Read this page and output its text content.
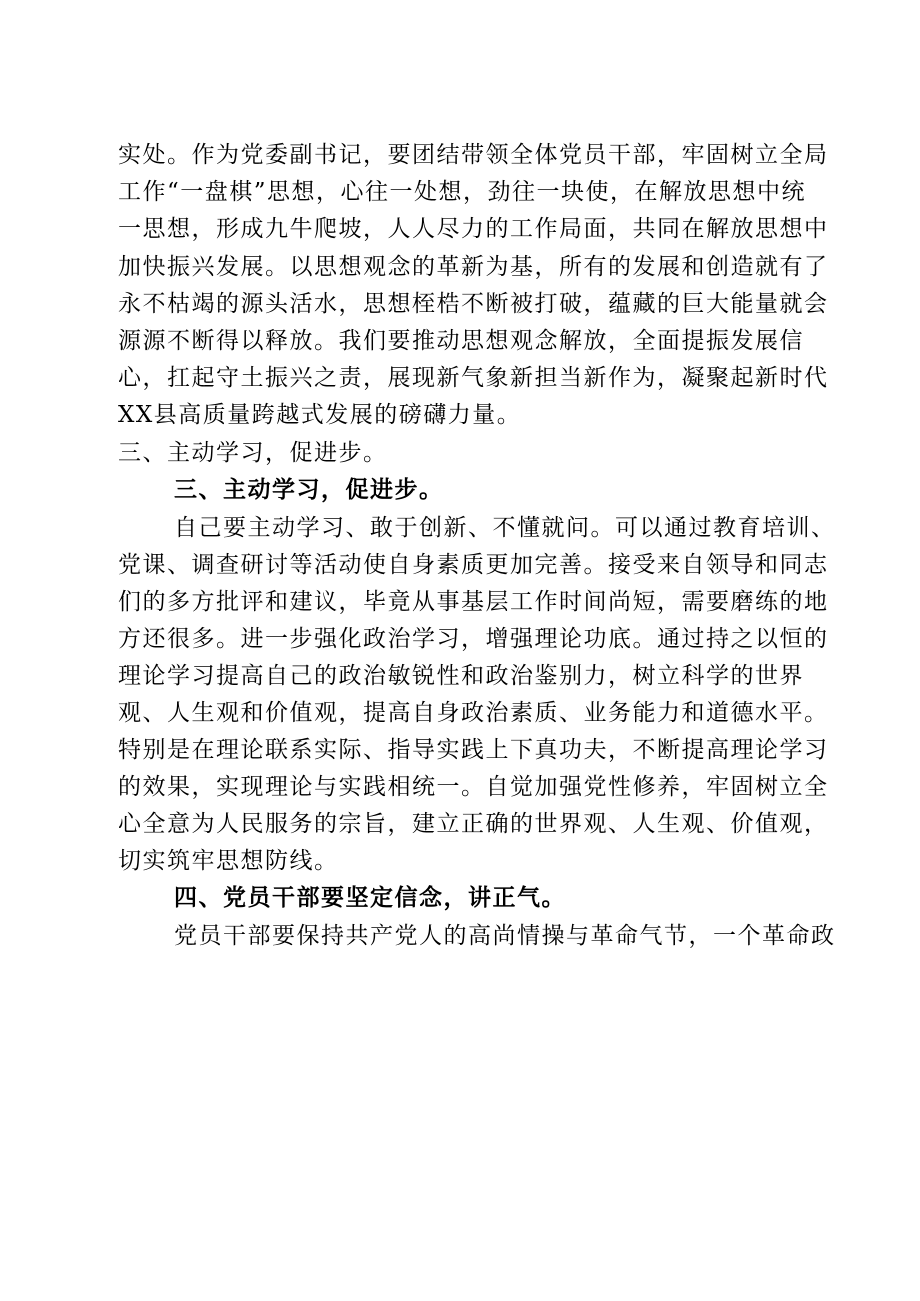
实处。作为党委副书记，要团结带领全体党员干部，牢固树立全局
工作“一盘棋”思想，心往一处想，劲往一块使，在解放思想中统
一思想，形成九牛爬坡，人人尽力的工作局面，共同在解放思想中
加快振兴发展。以思想观念的革新为基，所有的发展和创造就有了
永不枯竭的源头活水，思想桎梏不断被打破，蕴藏的巨大能量就会
源源不断得以释放。我们要推动思想观念解放，全面提振发展信
心，扛起守土振兴之责，展现新气象新担当新作为，凝聚起新时代
XX县高质量跨越式发展的磅礴力量。
三、主动学习，促进步。
三、主动学习，促进步。
自己要主动学习、敢于创新、不懂就问。可以通过教育培训、
党课、调查研讨等活动使自身素质更加完善。接受来自领导和同志
们的多方批评和建议，毕竟从事基层工作时间尚短，需要磨练的地
方还很多。进一步强化政治学习，增强理论功底。通过持之以恒的
理论学习提高自己的政治敏锐性和政治鉴别力，树立科学的世界
观、人生观和价值观，提高自身政治素质、业务能力和道德水平。
特别是在理论联系实际、指导实践上下真功夫，不断提高理论学习
的效果，实现理论与实践相统一。自觉加强党性修养，牢固树立全
心全意为人民服务的宗旨，建立正确的世界观、人生观、价值观，
切实筑牢思想防线。
四、党员干部要坚定信念，讲正气。
党员干部要保持共产党人的高尚情操与革命气节，一个革命政
